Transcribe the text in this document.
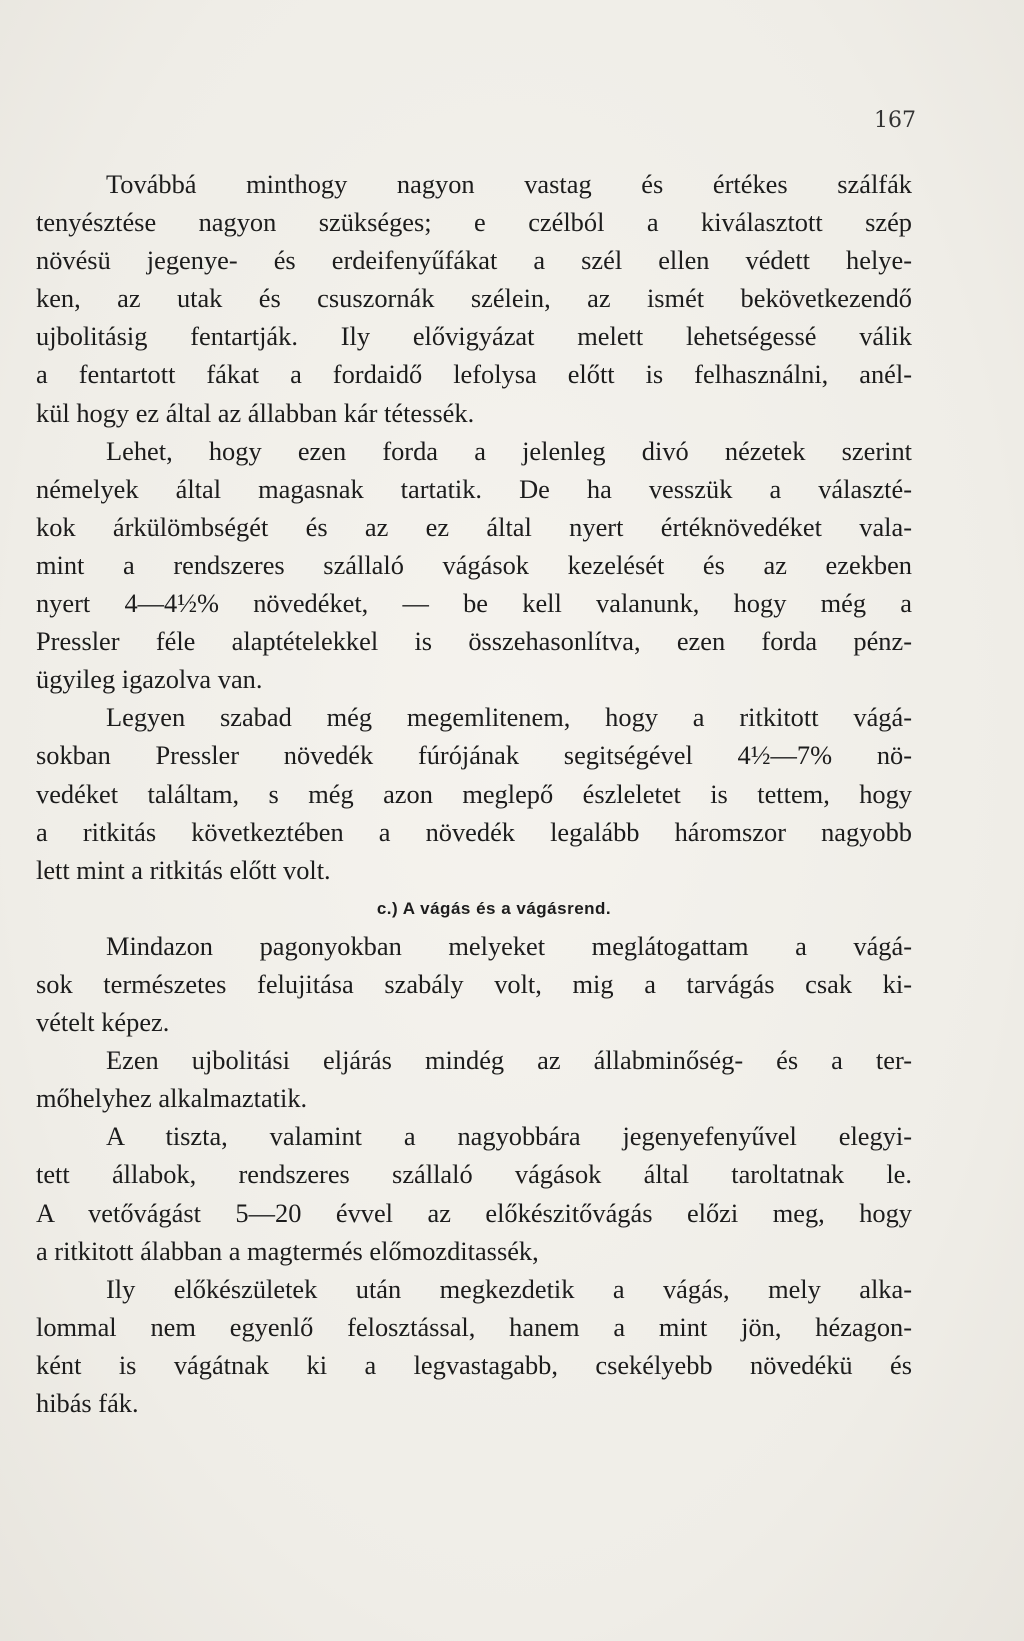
167
Továbbá minthogy nagyon vastag és értékes szálfák
tenyésztése nagyon szükséges; e czélból a kiválasztott szép
növésü jegenye- és erdeifenyűfákat a szél ellen védett helye-
ken, az utak és csuszornák szélein, az ismét bekövetkezendő
ujbolitásig fentartják. Ily elővigyázat melett lehetségessé válik
a fentartott fákat a fordaidő lefolysa előtt is felhasználni, anél-
kül hogy ez által az állabban kár tétessék.
Lehet, hogy ezen forda a jelenleg divó nézetek szerint
némelyek által magasnak tartatik. De ha vesszük a választé-
kok árkülömbségét és az ez által nyert értéknövedéket vala-
mint a rendszeres szállaló vágások kezelését és az ezekben
nyert 4—4½% növedéket, — be kell valanunk, hogy még a
Pressler féle alaptételekkel is összehasonlítva, ezen forda pénz-
ügyileg igazolva van.
Legyen szabad még megemlitenem, hogy a ritkitott vágá-
sokban Pressler növedék fúrójának segitségével 4½—7% nö-
vedéket találtam, s még azon meglepő észleletet is tettem, hogy
a ritkitás következtében a növedék legalább háromszor nagyobb
lett mint a ritkitás előtt volt.
c.) A vágás és a vágásrend.
Mindazon pagonyokban melyeket meglátogattam a vágá-
sok természetes felujitása szabály volt, mig a tarvágás csak ki-
vételt képez.
Ezen ujbolitási eljárás mindég az állabminőség- és a ter-
mőhelyhez alkalmaztatik.
A tiszta, valamint a nagyobbára jegenyefenyűvel elegyi-
tett állabok, rendszeres szállaló vágások által taroltatnak le.
A vetővágást 5—20 évvel az előkészitővágás előzi meg, hogy
a ritkitott álabban a magtermés előmozditassék,
Ily előkészületek után megkezdetik a vágás, mely alka-
lommal nem egyenlő felosztással, hanem a mint jön, hézagon-
ként is vágátnak ki a legvastagabb, csekélyebb növedékü és
hibás fák.
